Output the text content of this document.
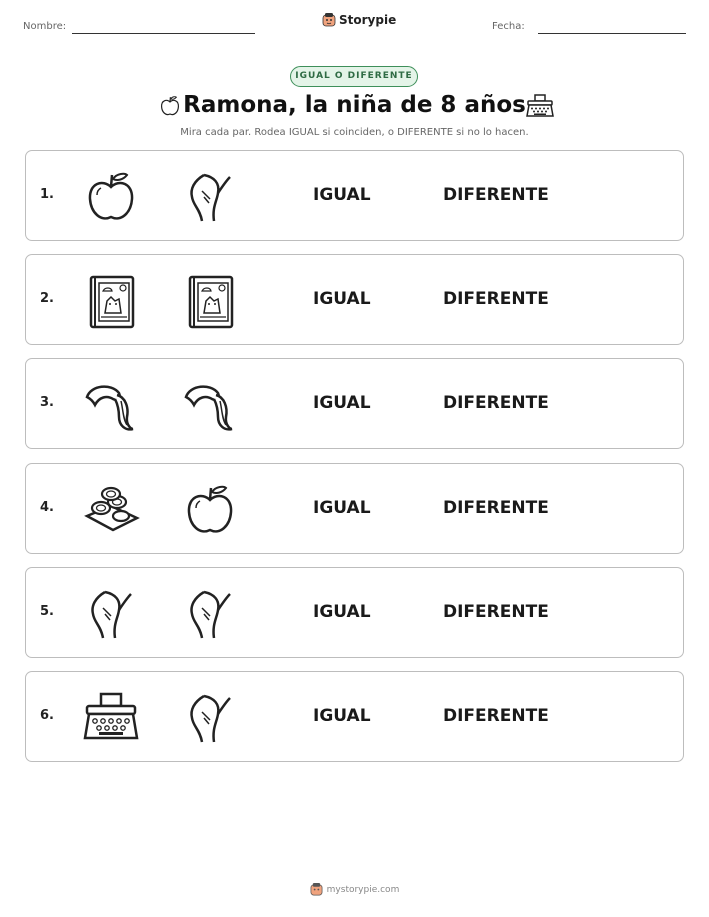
Nombre:	Storypie	Fecha:
IGUAL O DIFERENTE
Ramona, la niña de 8 años
Mira cada par. Rodea IGUAL si coinciden, o DIFERENTE si no lo hacen.
1.	IGUAL	DIFERENTE
2.	IGUAL	DIFERENTE
3.	IGUAL	DIFERENTE
4.	IGUAL	DIFERENTE
5.	IGUAL	DIFERENTE
6.	IGUAL	DIFERENTE
mystorypie.com
